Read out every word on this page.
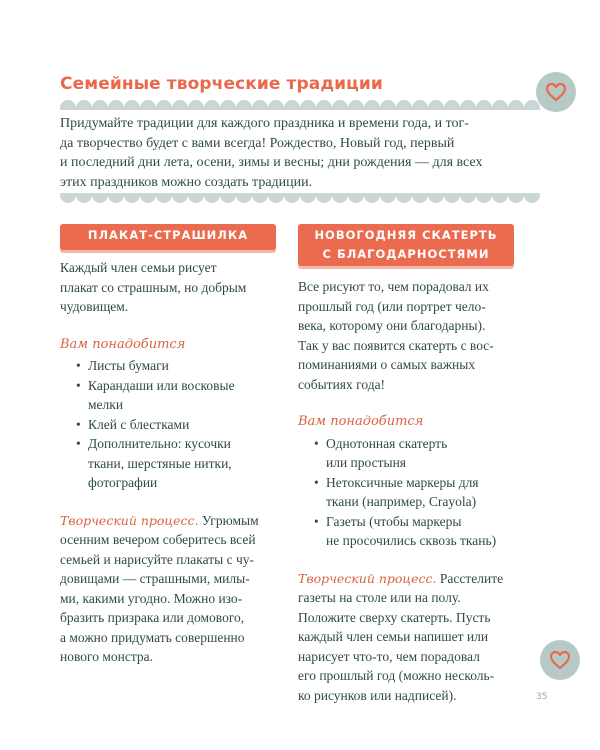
Семейные творческие традиции
Придумайте традиции для каждого праздника и времени года, и тог-
да творчество будет с вами всегда! Рождество, Новый год, первый
и последний дни лета, осени, зимы и весны; дни рождения — для всех
этих праздников можно создать традиции.
ПЛАКАТ-СТРАШИЛКА

Каждый член семьи рисует
плакат со страшным, но добрым
чудовищем.

Вам понадобится
• Листы бумаги
• Карандаши или восковые
мелки
• Клей с блестками
• Дополнительно: кусочки
ткани, шерстяные нитки,
фотографии
Творческий процесс. Угрюмым
осенним вечером соберитесь всей
семьей и нарисуйте плакаты с чу-
довищами — страшными, милы-
ми, какими угодно. Можно изо-
бразить призрака или домового,
а можно придумать совершенно
нового монстра.
НОВОГОДНЯЯ СКАТЕРТЬ
С БЛАГОДАРНОСТЯМИ

Все рисуют то, чем порадовал их
прошлый год (или портрет чело-
века, которому они благодарны).
Так у вас появится скатерть с вос-
поминаниями о самых важных
событиях года!

Вам понадобится
• Однотонная скатерть
или простыня
• Нетоксичные маркеры для
ткани (например, Crayola)
• Газеты (чтобы маркеры
не просочились сквозь ткань)
Творческий процесс. Расстелите
газеты на столе или на полу.
Положите сверху скатерть. Пусть
каждый член семьи напишет или
нарисует что-то, чем порадовал
его прошлый год (можно несколь-
ко рисунков или надписей).	35
